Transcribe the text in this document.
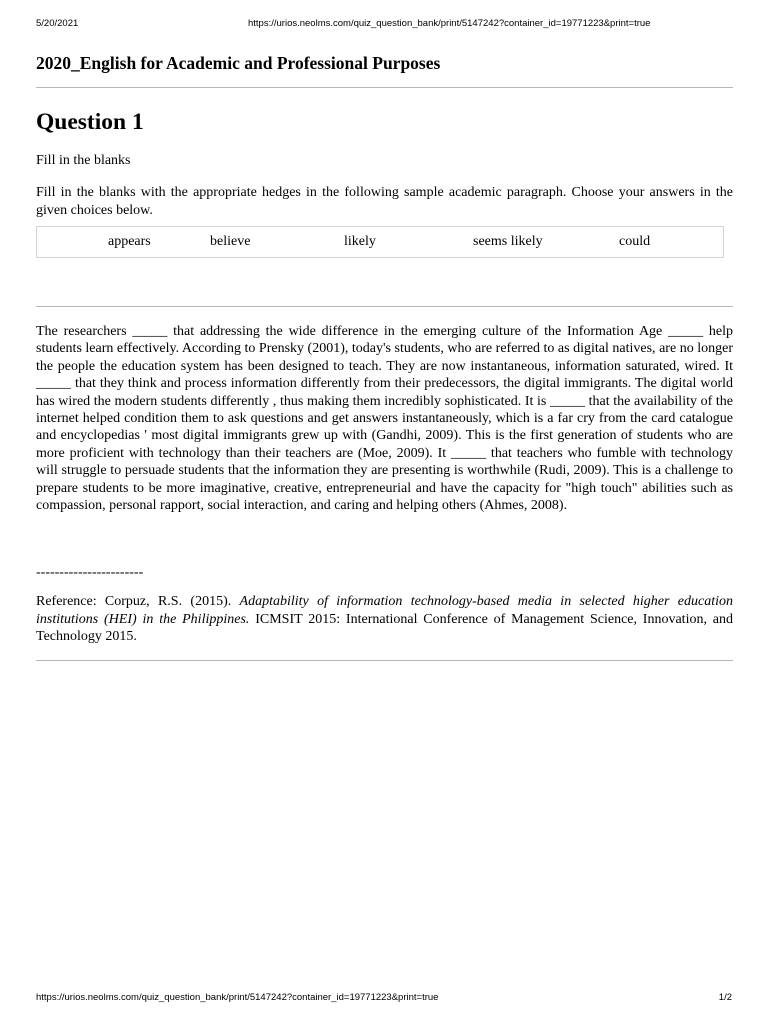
5/20/2021	https://urios.neolms.com/quiz_question_bank/print/5147242?container_id=19771223&print=true
2020_English for Academic and Professional Purposes
Question 1

Fill in the blanks

Fill in the blanks with the appropriate hedges in the following sample academic paragraph. Choose your answers in the given choices below.

appears	believe	likely	seems likely	could

The researchers _____ that addressing the wide difference in the emerging culture of the Information Age _____ help students learn effectively. According to Prensky (2001), today's students, who are referred to as digital natives, are no longer the people the education system has been designed to teach. They are now instantaneous, information saturated, wired. It _____ that they think and process information differently from their predecessors, the digital immigrants. The digital world has wired the modern students differently , thus making them incredibly sophisticated. It is _____ that the availability of the internet helped condition them to ask questions and get answers instantaneously, which is a far cry from the card catalogue and encyclopedias ' most digital immigrants grew up with (Gandhi, 2009). This is the first generation of students who are more proficient with technology than their teachers are (Moe, 2009). It _____ that teachers who fumble with technology will struggle to persuade students that the information they are presenting is worthwhile (Rudi, 2009). This is a challenge to prepare students to be more imaginative, creative, entrepreneurial and have the capacity for "high touch" abilities such as compassion, personal rapport, social interaction, and caring and helping others (Ahmes, 2008).

-----------------------

Reference: Corpuz, R.S. (2015). Adaptability of information technology-based media in selected higher education institutions (HEI) in the Philippines. ICMSIT 2015: International Conference of Management Science, Innovation, and Technology 2015.

https://urios.neolms.com/quiz_question_bank/print/5147242?container_id=19771223&print=true	1/2
